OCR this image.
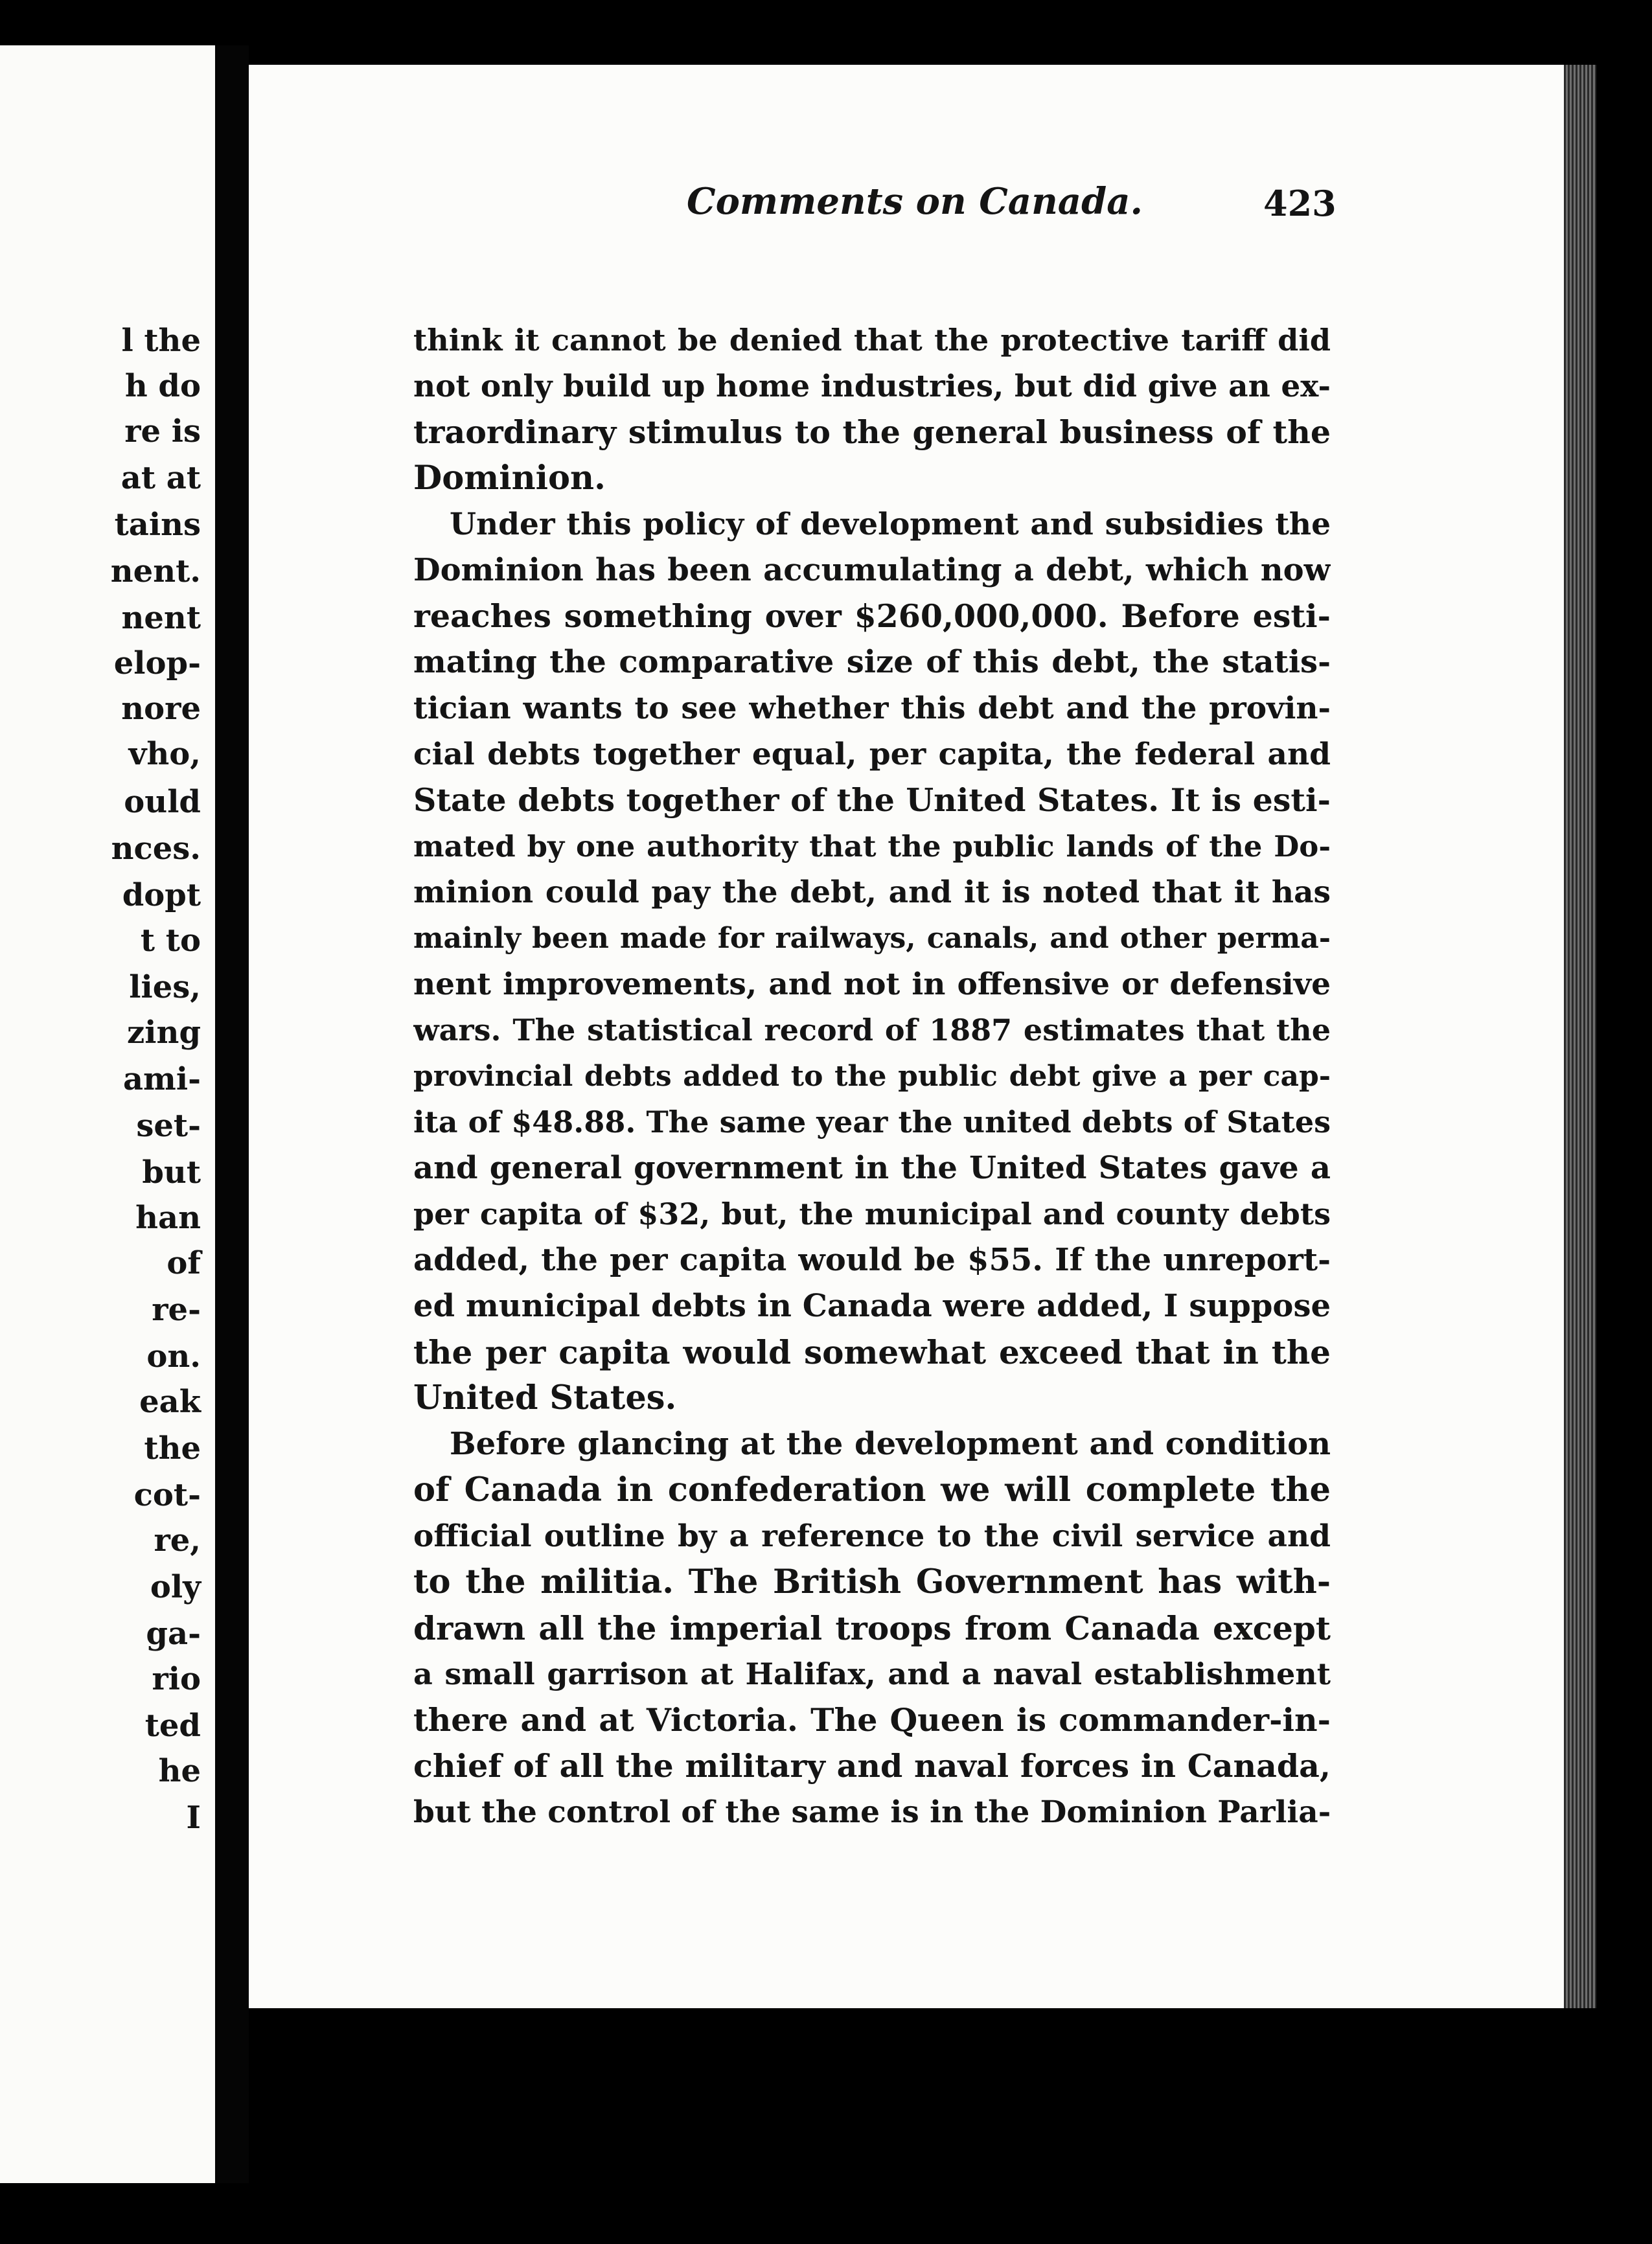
l the
h do
re is
at at
tains
nent.
nent
elop-
nore
vho,
ould
nces.
dopt
t to
lies,
zing
ami-
set-
but
han
of
re-
on.
eak
the
cot-
re,
oly
ga-
rio
ted
he
I
Comments on Canada.	423

think it cannot be denied that the protective tariff did
not only build up home industries, but did give an ex-
traordinary stimulus to the general business of the
Dominion.

Under this policy of development and subsidies the
Dominion has been accumulating a debt, which now
reaches something over $260,000,000. Before esti-
mating the comparative size of this debt, the statis-
tician wants to see whether this debt and the provin-
cial debts together equal, per capita, the federal and
State debts together of the United States. It is esti-
mated by one authority that the public lands of the Do-
minion could pay the debt, and it is noted that it has
mainly been made for railways, canals, and other perma-
nent improvements, and not in offensive or defensive
wars. The statistical record of 1887 estimates that the
provincial debts added to the public debt give a per cap-
ita of $48.88. The same year the united debts of States
and general government in the United States gave a
per capita of $32, but, the municipal and county debts
added, the per capita would be $55. If the unreport-
ed municipal debts in Canada were added, I suppose
the per capita would somewhat exceed that in the
United States.

Before glancing at the development and condition
of Canada in confederation we will complete the
official outline by a reference to the civil service and
to the militia. The British Government has with-
drawn all the imperial troops from Canada except
a small garrison at Halifax, and a naval establishment
there and at Victoria. The Queen is commander-in-
chief of all the military and naval forces in Canada,
but the control of the same is in the Dominion Parlia-
